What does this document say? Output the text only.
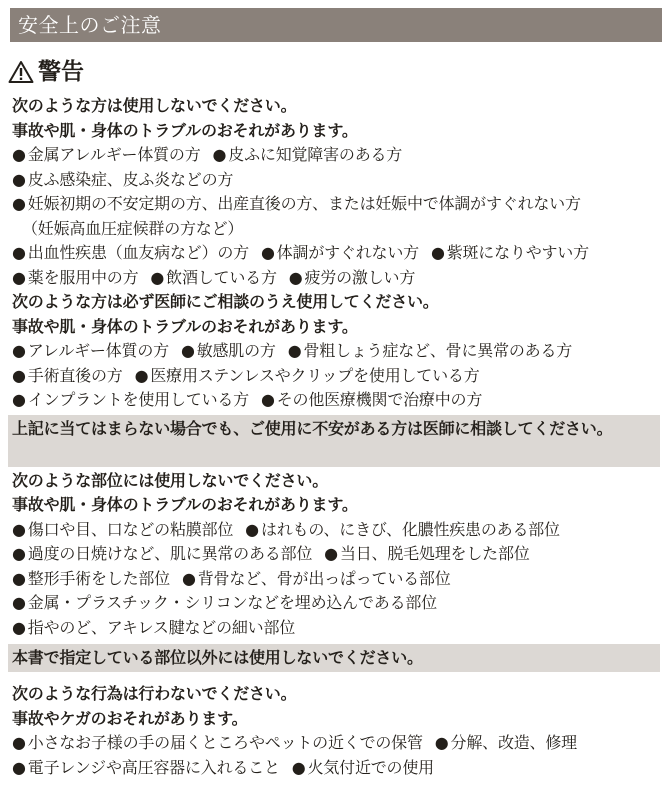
安全上のご注意
警告
次のような方は使用しないでください。
事故や肌・身体のトラブルのおそれがあります。
● 金属アレルギー体質の方	● 皮ふに知覚障害のある方
● 皮ふ感染症、皮ふ炎などの方
● 妊娠初期の不安定期の方、出産直後の方、または妊娠中で体調がすぐれない方
（妊娠高血圧症候群の方など）
● 出血性疾患（血友病など）の方	● 体調がすぐれない方	● 紫斑になりやすい方
● 薬を服用中の方	● 飲酒している方	● 疲労の激しい方
次のような方は必ず医師にご相談のうえ使用してください。
事故や肌・身体のトラブルのおそれがあります。
● アレルギー体質の方	● 敏感肌の方	● 骨粗しょう症など、骨に異常のある方
● 手術直後の方	● 医療用ステンレスやクリップを使用している方
● インプラントを使用している方	● その他医療機関で治療中の方
上記に当てはまらない場合でも、ご使用に不安がある方は医師に相談してください。
次のような部位には使用しないでください。
事故や肌・身体のトラブルのおそれがあります。
● 傷口や目、口などの粘膜部位	● はれもの、にきび、化膿性疾患のある部位
● 過度の日焼けなど、肌に異常のある部位	● 当日、脱毛処理をした部位
● 整形手術をした部位	● 背骨など、骨が出っぱっている部位
● 金属・プラスチック・シリコンなどを埋め込んである部位
● 指やのど、アキレス腱などの細い部位
本書で指定している部位以外には使用しないでください。
次のような行為は行わないでください。
事故やケガのおそれがあります。
● 小さなお子様の手の届くところやペットの近くでの保管	● 分解、改造、修理
● 電子レンジや高圧容器に入れること	● 火気付近での使用
